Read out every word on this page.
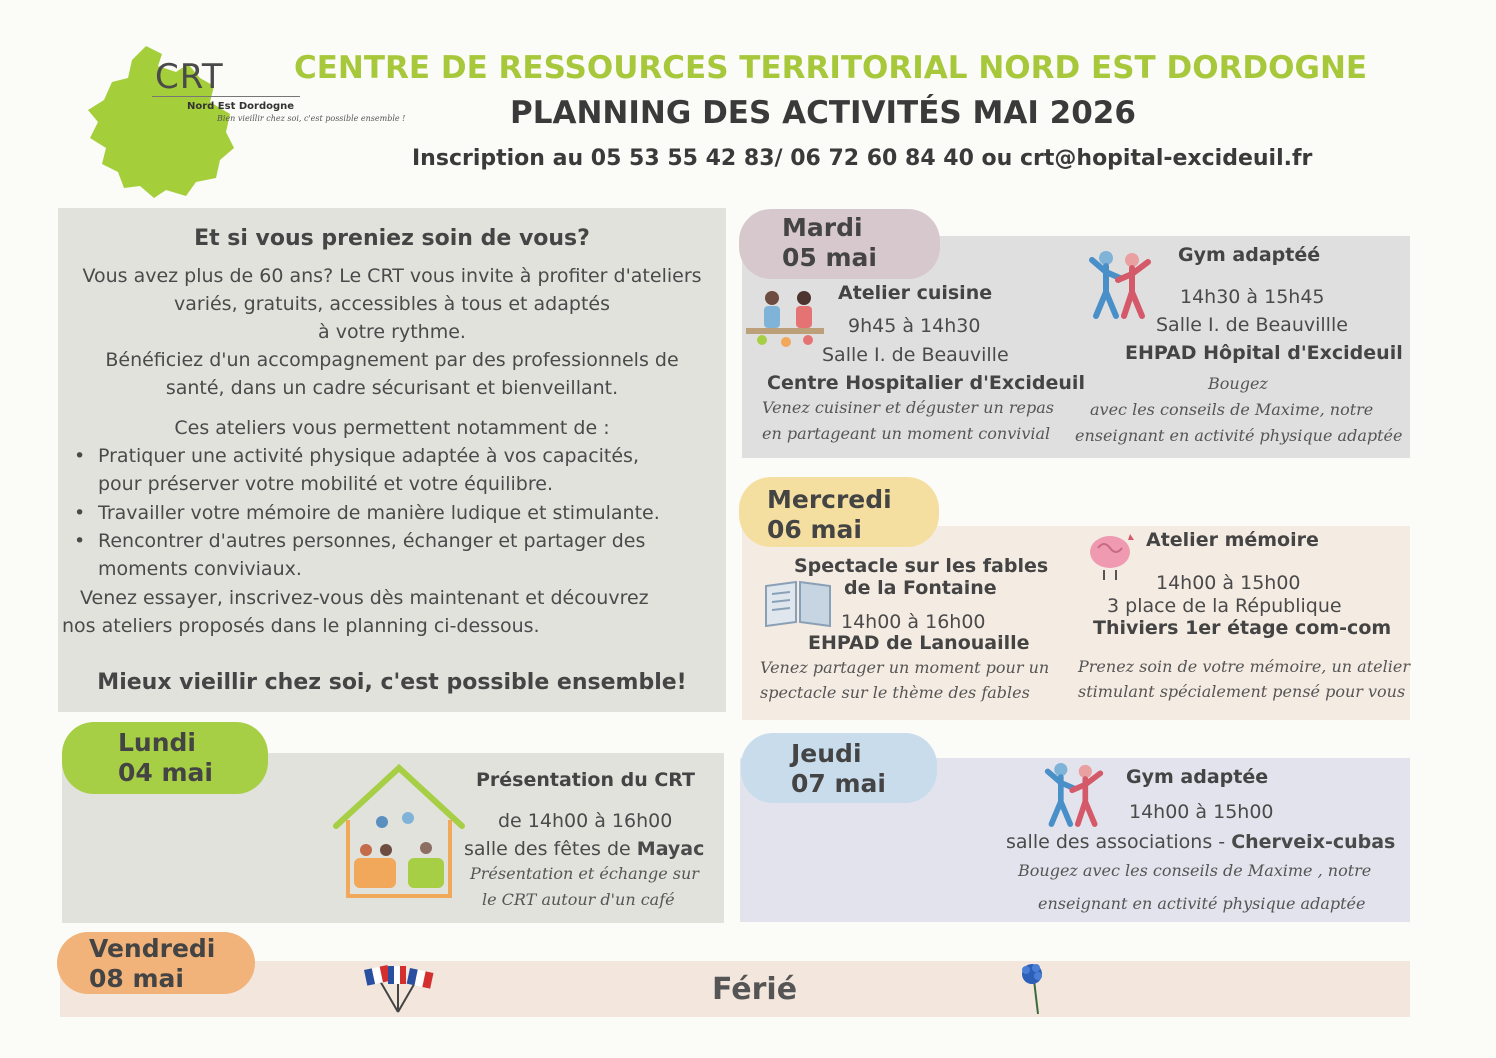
CRT
Nord Est Dordogne
Bien vieillir chez soi, c'est possible ensemble !
CENTRE DE RESSOURCES TERRITORIAL NORD EST DORDOGNE
PLANNING DES ACTIVITÉS MAI 2026
Inscription au 05 53 55 42 83/ 06 72 60 84 40 ou crt@hopital-excideuil.fr
Et si vous preniez soin de vous?
Vous avez plus de 60 ans? Le CRT vous invite à profiter d'ateliers
variés, gratuits, accessibles à tous et adaptés
à votre rythme.
Bénéficiez d'un accompagnement par des professionnels de
santé, dans un cadre sécurisant et bienveillant.
Ces ateliers vous permettent notamment de :
• Pratiquer une activité physique adaptée à vos capacités,
pour préserver votre mobilité et votre équilibre.
• Travailler votre mémoire de manière ludique et stimulante.
• Rencontrer d'autres personnes, échanger et partager des
moments conviviaux.
Venez essayer, inscrivez-vous dès maintenant et découvrez
nos ateliers proposés dans le planning ci-dessous.
Mieux vieillir chez soi, c'est possible ensemble!
Lundi
04 mai	Présentation du CRT
de 14h00 à 16h00
salle des fêtes de Mayac
Présentation et échange sur
le CRT autour d'un café
Mardi
05 mai
Atelier cuisine
9h45 à 14h30
Salle I. de Beauville
Centre Hospitalier d'Excideuil
Venez cuisiner et déguster un repas
en partageant un moment convivial
Gym adaptéé
14h30 à 15h45
Salle I. de Beauvillle
EHPAD Hôpital d'Excideuil
Bougez
avec les conseils de Maxime, notre
enseignant en activité physique adaptée
Mercredi
06 mai
Spectacle sur les fables
de la Fontaine
14h00 à 16h00
EHPAD de Lanouaille
Venez partager un moment pour un
spectacle sur le thème des fables
Atelier mémoire
14h00 à 15h00
3 place de la République
Thiviers 1er étage com-com
Prenez soin de votre mémoire, un atelier
stimulant spécialement pensé pour vous
Jeudi
07 mai	Gym adaptée
14h00 à 15h00
salle des associations - Cherveix-cubas
Bougez avec les conseils de Maxime , notre
enseignant en activité physique adaptée
Vendredi
08 mai	Férié
